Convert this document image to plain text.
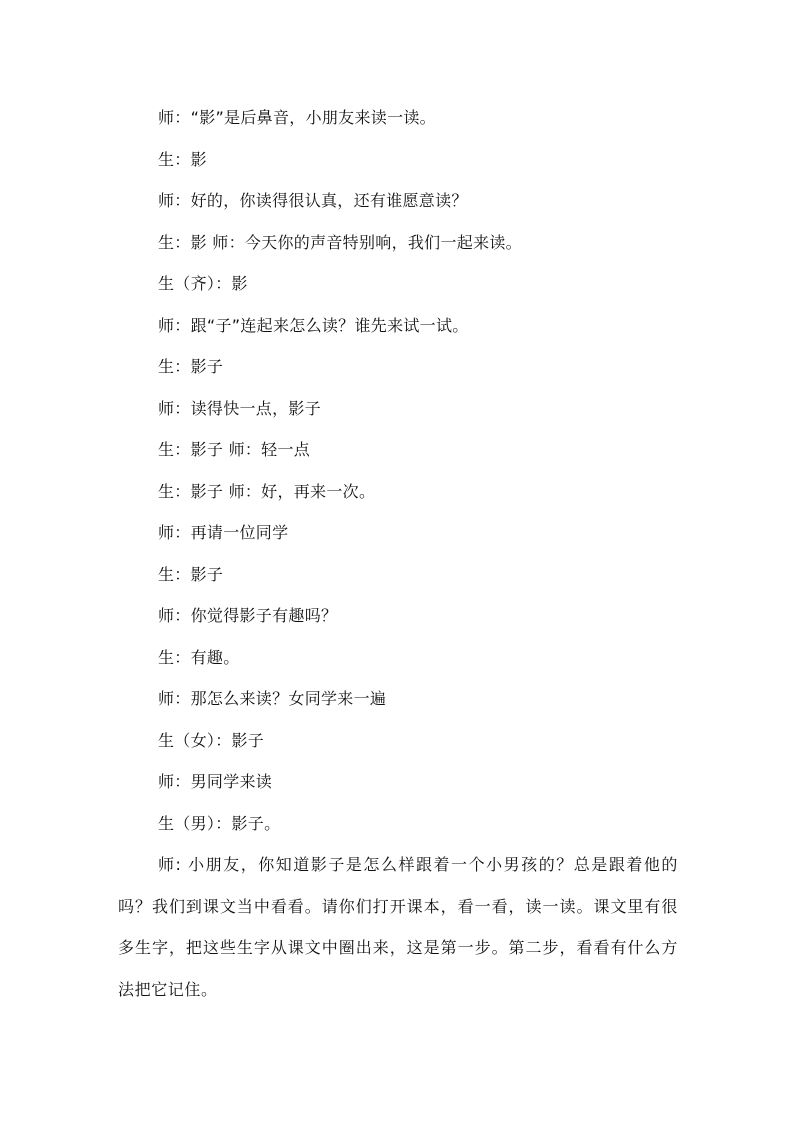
师：“影”是后鼻音，小朋友来读一读。
生：影
师：好的，你读得很认真，还有谁愿意读？
生：影 师：今天你的声音特别响，我们一起来读。
生（齐）：影
师：跟“子”连起来怎么读？谁先来试一试。
生：影子
师：读得快一点，影子
生：影子 师：轻一点
生：影子 师：好，再来一次。
师：再请一位同学
生：影子
师：你觉得影子有趣吗？
生：有趣。
师：那怎么来读？女同学来一遍
生（女）：影子
师：男同学来读
生（男）：影子。
师: 小朋友，你知道影子是怎么样跟着一个小男孩的？总是跟着他的吗？我们到课文当中看看。请你们打开课本，看一看，读一读。课文里有很多生字，把这些生字从课文中圈出来，这是第一步。第二步，看看有什么方法把它记住。
